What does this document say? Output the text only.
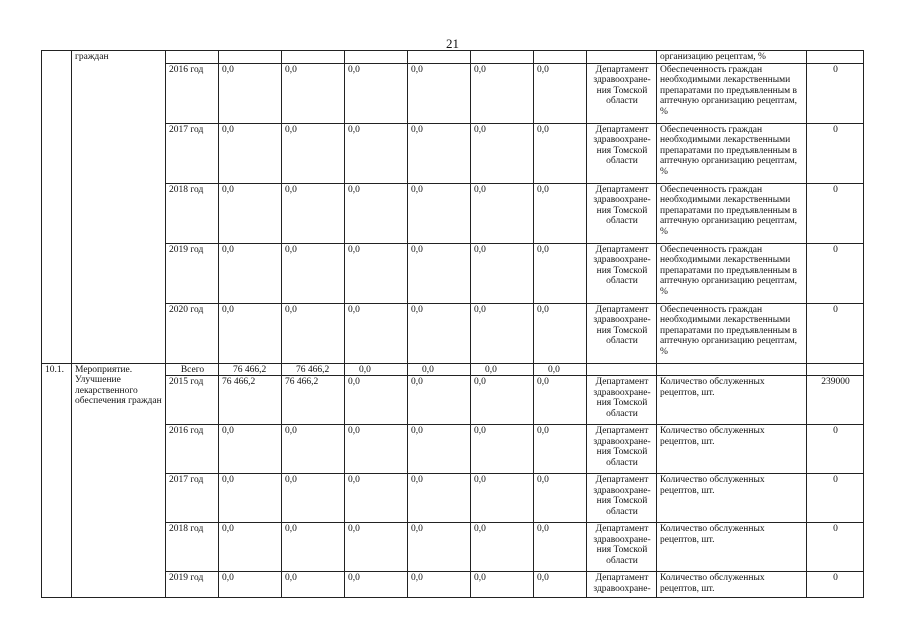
21
	граждан									организацию рецептам, %	
		2016 год	0,0	0,0	0,0	0,0	0,0	0,0	Департамент здравоохране- ния Томской области	Обеспеченность граждан необходимыми лекарственными препаратами по предъявленным в аптечную организацию рецептам, %	0
		2017 год	0,0	0,0	0,0	0,0	0,0	0,0	Департамент здравоохране- ния Томской области	Обеспеченность граждан необходимыми лекарственными препаратами по предъявленным в аптечную организацию рецептам, %	0
		2018 год	0,0	0,0	0,0	0,0	0,0	0,0	Департамент здравоохране- ния Томской области	Обеспеченность граждан необходимыми лекарственными препаратами по предъявленным в аптечную организацию рецептам, %	0
		2019 год	0,0	0,0	0,0	0,0	0,0	0,0	Департамент здравоохране- ния Томской области	Обеспеченность граждан необходимыми лекарственными препаратами по предъявленным в аптечную организацию рецептам, %	0
		2020 год	0,0	0,0	0,0	0,0	0,0	0,0	Департамент здравоохране- ния Томской области	Обеспеченность граждан необходимыми лекарственными препаратами по предъявленным в аптечную организацию рецептам, %	0
10.1.	Мероприятие. Улучшение лекарственного обеспечения граждан	Всего	76 466,2	76 466,2	0,0	0,0	0,0	0,0			
		2015 год	76 466,2	76 466,2	0,0	0,0	0,0	0,0	Департамент здравоохране- ния Томской области	Количество обслуженных рецептов, шт.	239000
		2016 год	0,0	0,0	0,0	0,0	0,0	0,0	Департамент здравоохране- ния Томской области	Количество обслуженных рецептов, шт.	0
		2017 год	0,0	0,0	0,0	0,0	0,0	0,0	Департамент здравоохране- ния Томской области	Количество обслуженных рецептов, шт.	0
		2018 год	0,0	0,0	0,0	0,0	0,0	0,0	Департамент здравоохране- ния Томской области	Количество обслуженных рецептов, шт.	0
		2019 год	0,0	0,0	0,0	0,0	0,0	0,0	Департамент здравоохране-	Количество обслуженных рецептов, шт.	0
